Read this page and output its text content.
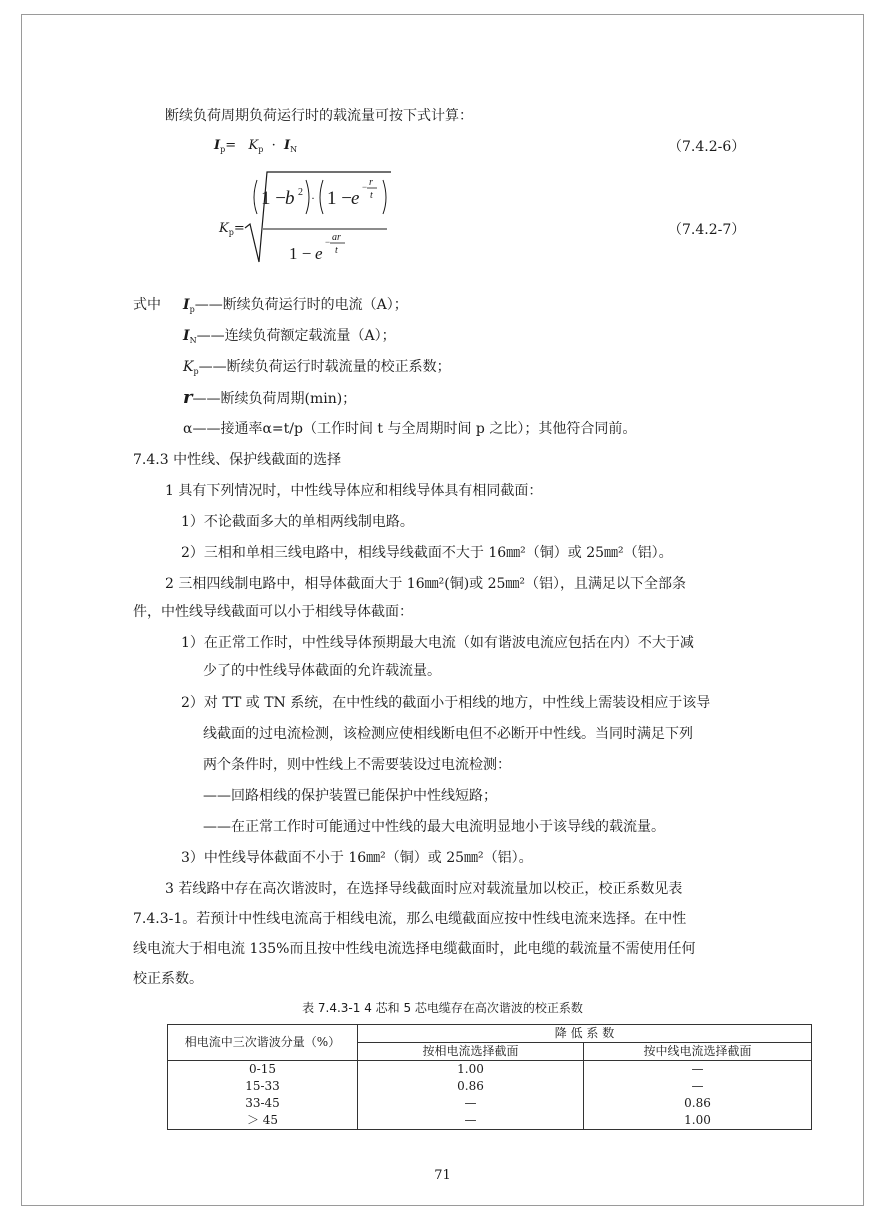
断续负荷周期负荷运行时的载流量可按下式计算：
$I_p= K_p \cdot I_N$	（7.4.2-6）
$K_p=$
1 − b 2 · 1 − e
− r
t
1 − e
− ar
t
（7.4.2-7）
式中 $I_p——$断续负荷运行时的电流（A）；
$I_N——$连续负荷额定载流量（A）；
$K_p——$断续负荷运行时载流量的校正系数；
r——断续负荷周期(min)；
α——接通率α=t/p（工作时间 t 与全周期时间 p 之比）；其他符合同前。
7.4.3 中性线、保护线截面的选择
1 具有下列情况时，中性线导体应和相线导体具有相同截面：
1）不论截面多大的单相两线制电路。
2）三相和单相三线电路中，相线导线截面不大于 16㎜²（铜）或 25㎜²（铝）。
2 三相四线制电路中，相导体截面大于 16㎜²(铜)或 25㎜²（铝），且满足以下全部条
件，中性线导线截面可以小于相线导体截面：
1）在正常工作时，中性线导体预期最大电流（如有谐波电流应包括在内）不大于减
少了的中性线导体截面的允许载流量。
2）对 TT 或 TN 系统，在中性线的截面小于相线的地方，中性线上需装设相应于该导
线截面的过电流检测，该检测应使相线断电但不必断开中性线。当同时满足下列
两个条件时，则中性线上不需要装设过电流检测：
——回路相线的保护装置已能保护中性线短路；
——在正常工作时可能通过中性线的最大电流明显地小于该导线的载流量。
3）中性线导体截面不小于 16㎜²（铜）或 25㎜²（铝）。
3 若线路中存在高次谐波时，在选择导线截面时应对载流量加以校正，校正系数见表
7.4.3-1。若预计中性线电流高于相线电流，那么电缆截面应按中性线电流来选择。在中性
线电流大于相电流 135%而且按中性线电流选择电缆截面时，此电缆的载流量不需使用任何
校正系数。
表 7.4.3-1 4 芯和 5 芯电缆存在高次谐波的校正系数
相电流中三次谐波分量（%）	降 低 系 数	
	按相电流选择截面	按中线电流选择截面
0-15	1.00	—
15-33	0.86	—
33-45	—	0.86
＞ 45	—	1.00
71
